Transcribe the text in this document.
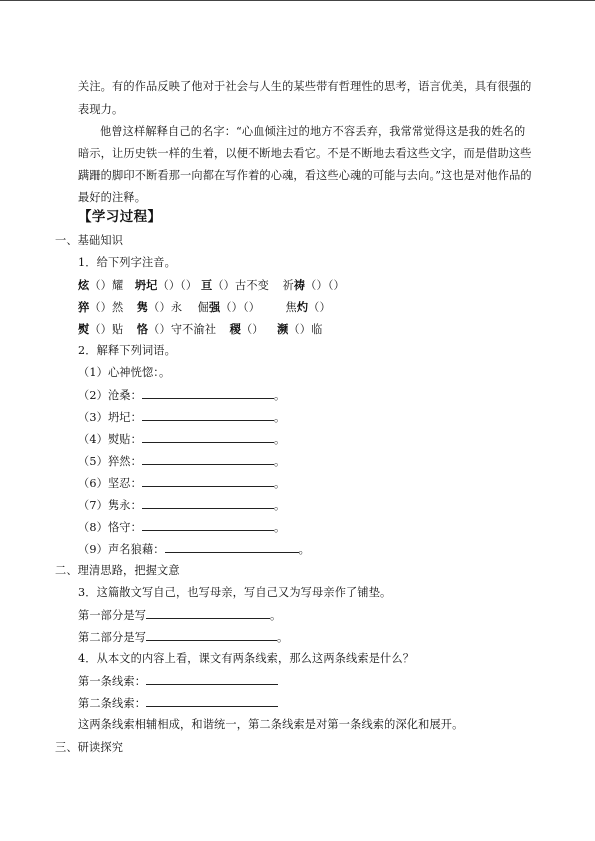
关注。有的作品反映了他对于社会与人生的某些带有哲理性的思考，语言优美，具有很强的
表现力。
他曾这样解释自己的名字：“心血倾注过的地方不容丢弃，我常常觉得这是我的姓名的
暗示，让历史铁一样的生着，以便不断地去看它。不是不断地去看这些文字，而是借助这些
蹒跚的脚印不断看那一向都在写作着的心魂，看这些心魂的可能与去向。”这也是对他作品的
最好的注释。
【学习过程】
一、基础知识
1．给下列字注音。
炫（）耀 坍圮（）（） 亘（）古不变 祈祷（）（）
猝（）然 隽（）永 倔强（）（） 焦灼（）
熨（）贴 恪（）守不渝社 稷（） 濒（）临
2．解释下列词语。
（1）心神恍惚：。
（2）沧桑：	。
（3）坍圮：	。
（4）熨贴：	。
（5）猝然：	。
（6）坚忍：	。
（7）隽永：	。
（8）恪守：	。
（9）声名狼藉：	。
二、理清思路，把握文意
3．这篇散文写自己，也写母亲，写自己又为写母亲作了铺垫。
第一部分是写	。
第二部分是写	。
4．从本文的内容上看，课文有两条线索，那么这两条线索是什么？
第一条线索：
第二条线索：
这两条线索相辅相成，和谐统一，第二条线索是对第一条线索的深化和展开。
三、研读探究
